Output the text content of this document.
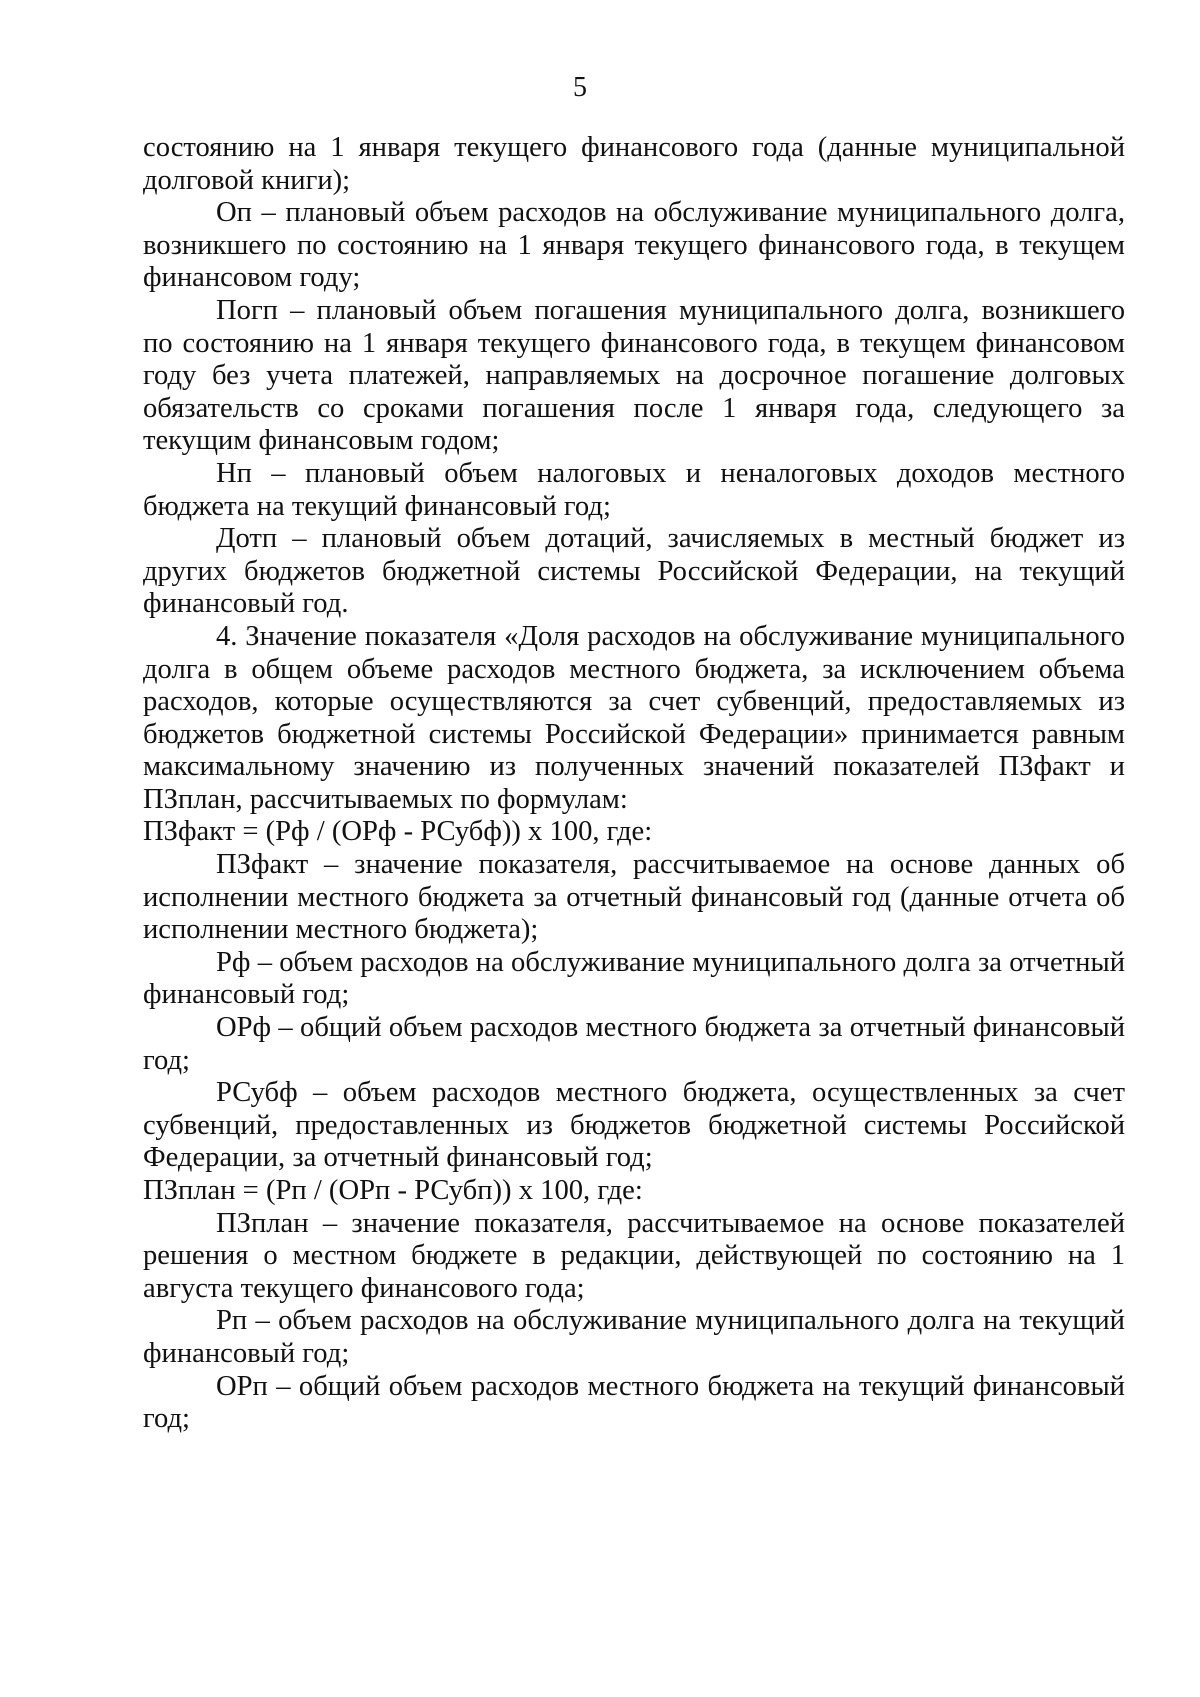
5

состоянию на 1 января текущего финансового года (данные муниципальной долговой книги);

Оп – плановый объем расходов на обслуживание муниципального долга, возникшего по состоянию на 1 января текущего финансового года, в текущем финансовом году;

Погп – плановый объем погашения муниципального долга, возникшего по состоянию на 1 января текущего финансового года, в текущем финансовом году без учета платежей, направляемых на досрочное погашение долговых обязательств со сроками погашения после 1 января года, следующего за текущим финансовым годом;

Нп – плановый объем налоговых и неналоговых доходов местного бюджета на текущий финансовый год;

Дотп – плановый объем дотаций, зачисляемых в местный бюджет из других бюджетов бюджетной системы Российской Федерации, на текущий финансовый год.

4. Значение показателя «Доля расходов на обслуживание муниципального долга в общем объеме расходов местного бюджета, за исключением объема расходов, которые осуществляются за счет субвенций, предоставляемых из бюджетов бюджетной системы Российской Федерации» принимается равным максимальному значению из полученных значений показателей ПЗфакт и ПЗплан, рассчитываемых по формулам:

ПЗфакт = (Рф / (ОРф - РСубф)) х 100, где:

ПЗфакт – значение показателя, рассчитываемое на основе данных об исполнении местного бюджета за отчетный финансовый год (данные отчета об исполнении местного бюджета);

Рф – объем расходов на обслуживание муниципального долга за отчетный финансовый год;

ОРф – общий объем расходов местного бюджета за отчетный финансовый год;

РСубф – объем расходов местного бюджета, осуществленных за счет субвенций, предоставленных из бюджетов бюджетной системы Российской Федерации, за отчетный финансовый год;

ПЗплан = (Рп / (ОРп - РСубп)) х 100, где:

ПЗплан – значение показателя, рассчитываемое на основе показателей решения о местном бюджете в редакции, действующей по состоянию на 1 августа текущего финансового года;

Рп – объем расходов на обслуживание муниципального долга на текущий финансовый год;

ОРп – общий объем расходов местного бюджета на текущий финансовый год;
